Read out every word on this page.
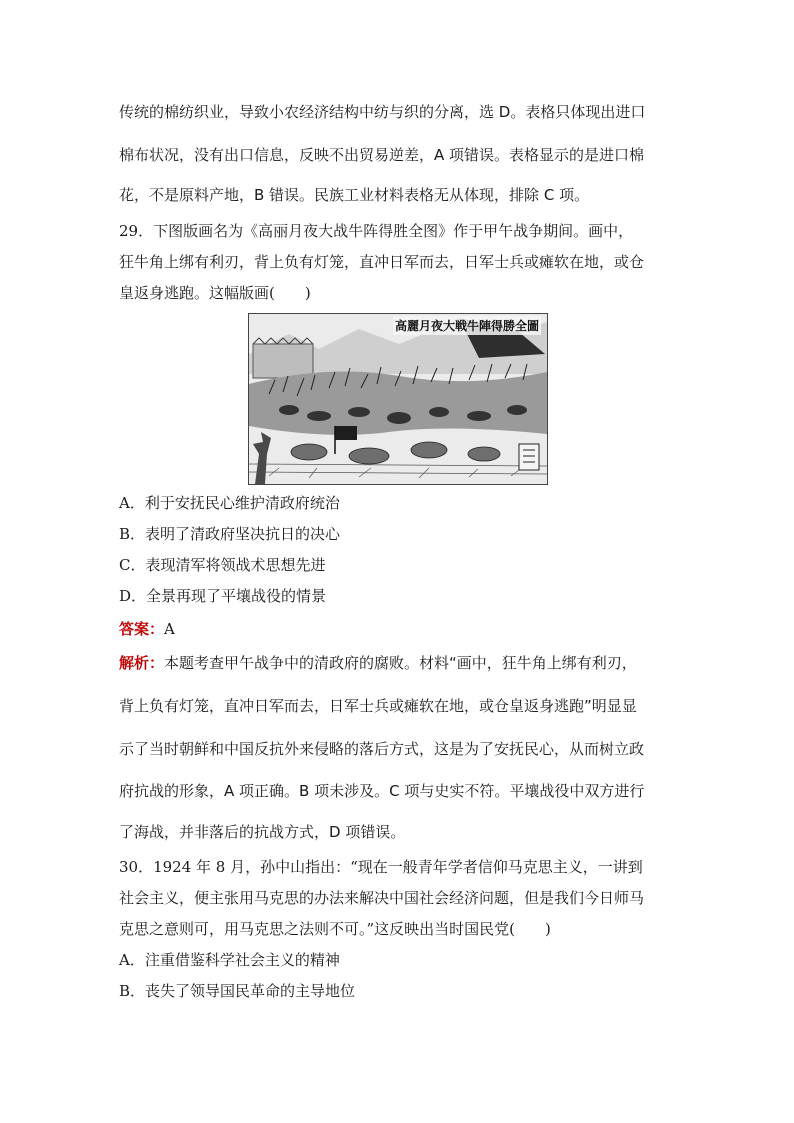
传统的棉纺织业，导致小农经济结构中纺与织的分离，选 D。表格只体现出进口
棉布状况，没有出口信息，反映不出贸易逆差，A 项错误。表格显示的是进口棉
花，不是原料产地，B 错误。民族工业材料表格无从体现，排除 C 项。
29．下图版画名为《高丽月夜大战牛阵得胜全图》作于甲午战争期间。画中，
狂牛角上绑有利刃，背上负有灯笼，直冲日军而去，日军士兵或瘫软在地，或仓
皇返身逃跑。这幅版画(　　)
高麗月夜大戦牛陣得勝全圖
A．利于安抚民心维护清政府统治
B．表明了清政府坚决抗日的决心
C．表现清军将领战术思想先进
D．全景再现了平壤战役的情景
答案：A
解析：本题考查甲午战争中的清政府的腐败。材料“画中，狂牛角上绑有利刃，
背上负有灯笼，直冲日军而去，日军士兵或瘫软在地，或仓皇返身逃跑”明显显
示了当时朝鲜和中国反抗外来侵略的落后方式，这是为了安抚民心，从而树立政
府抗战的形象，A 项正确。B 项未涉及。C 项与史实不符。平壤战役中双方进行
了海战，并非落后的抗战方式，D 项错误。
30．1924 年 8 月，孙中山指出：“现在一般青年学者信仰马克思主义，一讲到
社会主义，便主张用马克思的办法来解决中国社会经济问题，但是我们今日师马
克思之意则可，用马克思之法则不可。”这反映出当时国民党(　　)
A．注重借鉴科学社会主义的精神
B．丧失了领导国民革命的主导地位
